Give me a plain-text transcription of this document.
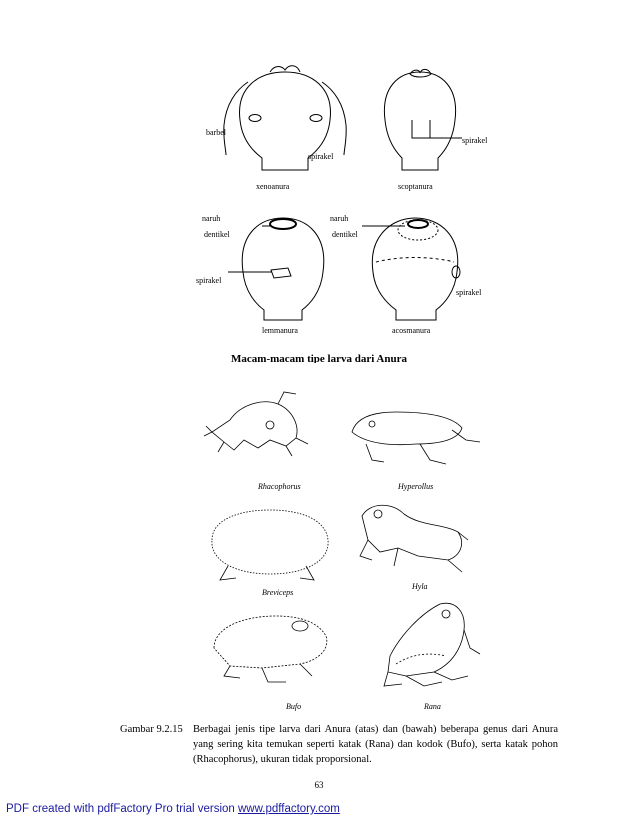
barbel
spirakel
spirakel
xenoanura	scoptanura
naruh
dentikel
naruh
dentikel
spirakel
spirakel
lemmanura	acosmanura
Macam-macam tipe larva dari Anura
Rhacophorus	Hyperollus
Breviceps
Hyla
Bufo	Rana
Gambar 9.2.15 Berbagai jenis tipe larva dari Anura (atas) dan (bawah) beberapa genus dari Anura yang sering kita temukan seperti katak (Rana) dan kodok (Bufo), serta katak pohon (Rhacophorus), ukuran tidak proporsional.
63
PDF created with pdfFactory Pro trial version www.pdffactory.com
